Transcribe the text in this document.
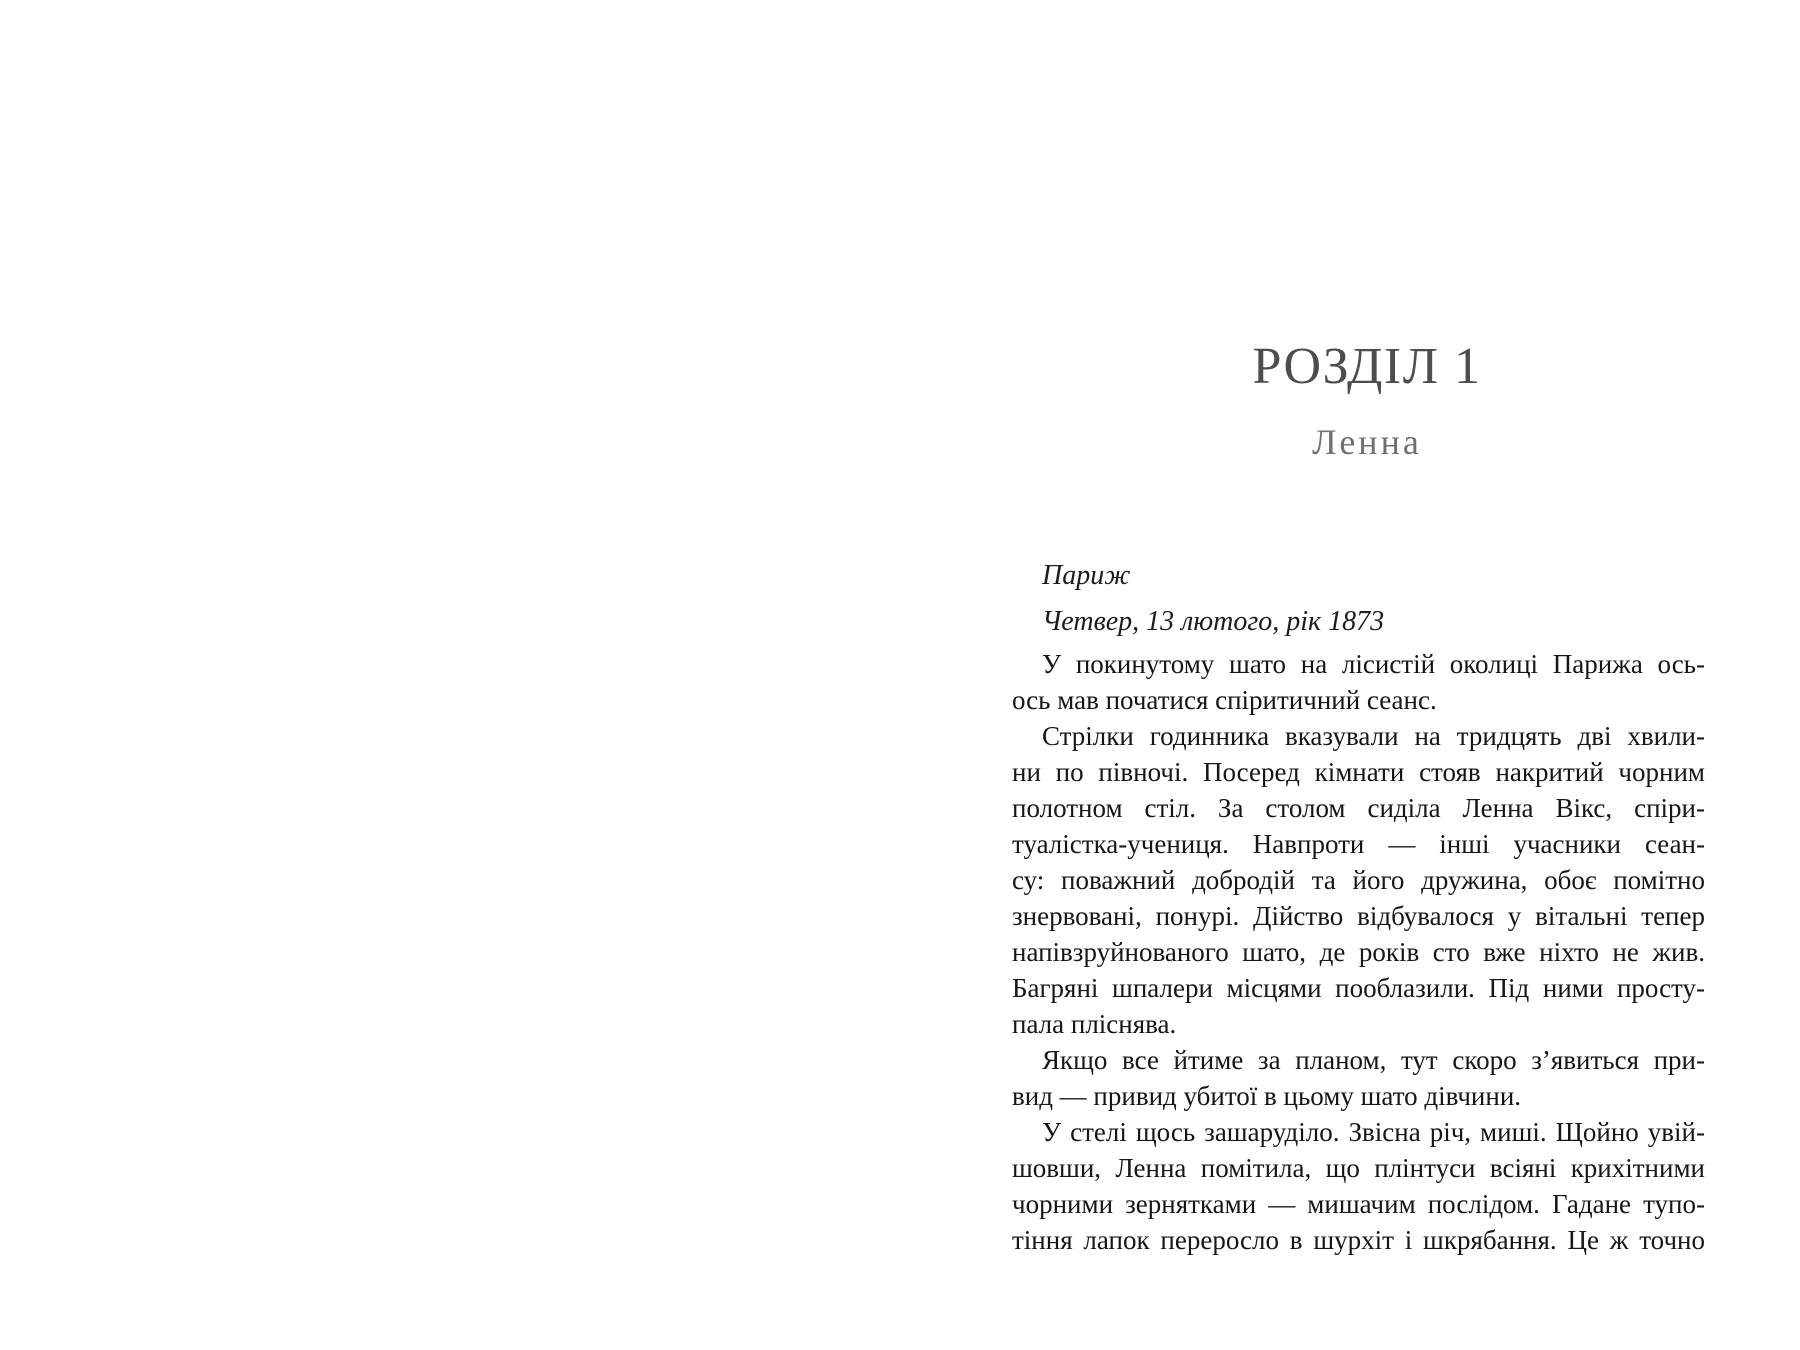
РОЗДІЛ 1
Ленна
Париж
Четвер, 13 лютого, рік 1873
У покинутому шато на лісистій околиці Парижа ось-
ось мав початися спіритичний сеанс.
Стрілки годинника вказували на тридцять дві хвили-
ни по півночі. Посеред кімнати стояв накритий чорним
полотном стіл. За столом сиділа Ленна Вікс, спіри-
туалістка-учениця. Навпроти — інші учасники сеан-
су: поважний добродій та його дружина, обоє помітно
знервовані, понурі. Дійство відбувалося у вітальні тепер
напівзруйнованого шато, де років сто вже ніхто не жив.
Багряні шпалери місцями пооблазили. Під ними просту-
пала пліснява.
Якщо все йтиме за планом, тут скоро з’явиться при-
вид — привид убитої в цьому шато дівчини.
У стелі щось зашаруділо. Звісна річ, миші. Щойно увій-
шовши, Ленна помітила, що плінтуси всіяні крихітними
чорними зернятками — мишачим послідом. Гадане тупо-
тіння лапок переросло в шурхіт і шкрябання. Це ж точно
